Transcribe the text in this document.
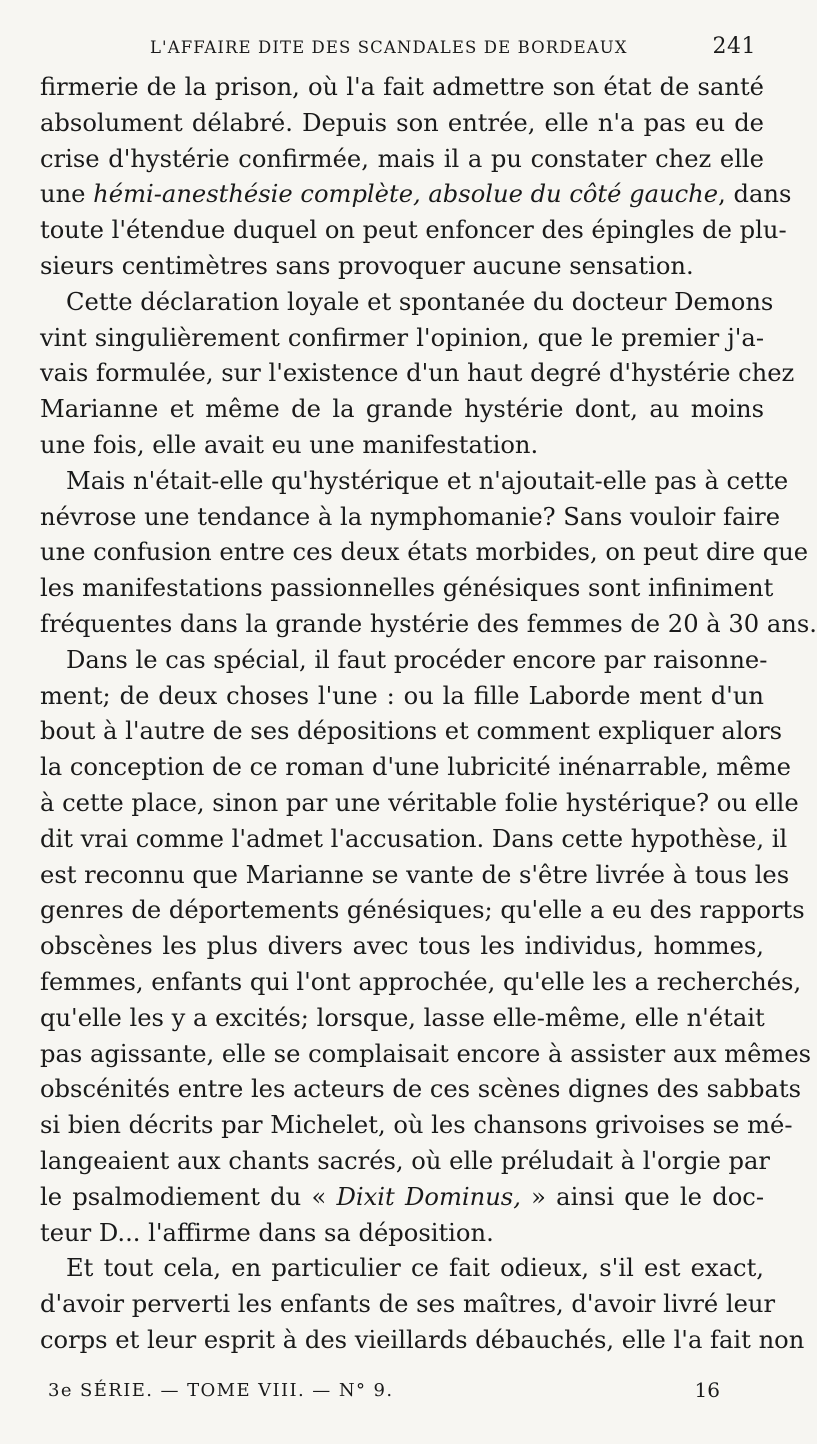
L'AFFAIRE DITE DES SCANDALES DE BORDEAUX	241
firmerie de la prison, où l'a fait admettre son état de santé
absolument délabré. Depuis son entrée, elle n'a pas eu de
crise d'hystérie confirmée, mais il a pu constater chez elle
une hémi-anesthésie complète, absolue du côté gauche, dans
toute l'étendue duquel on peut enfoncer des épingles de plu-
sieurs centimètres sans provoquer aucune sensation.
Cette déclaration loyale et spontanée du docteur Demons
vint singulièrement confirmer l'opinion, que le premier j'a-
vais formulée, sur l'existence d'un haut degré d'hystérie chez
Marianne et même de la grande hystérie dont, au moins
une fois, elle avait eu une manifestation.
Mais n'était-elle qu'hystérique et n'ajoutait-elle pas à cette
névrose une tendance à la nymphomanie? Sans vouloir faire
une confusion entre ces deux états morbides, on peut dire que
les manifestations passionnelles génésiques sont infiniment
fréquentes dans la grande hystérie des femmes de 20 à 30 ans.
Dans le cas spécial, il faut procéder encore par raisonne-
ment; de deux choses l'une : ou la fille Laborde ment d'un
bout à l'autre de ses dépositions et comment expliquer alors
la conception de ce roman d'une lubricité inénarrable, même
à cette place, sinon par une véritable folie hystérique? ou elle
dit vrai comme l'admet l'accusation. Dans cette hypothèse, il
est reconnu que Marianne se vante de s'être livrée à tous les
genres de déportements génésiques; qu'elle a eu des rapports
obscènes les plus divers avec tous les individus, hommes,
femmes, enfants qui l'ont approchée, qu'elle les a recherchés,
qu'elle les y a excités; lorsque, lasse elle-même, elle n'était
pas agissante, elle se complaisait encore à assister aux mêmes
obscénités entre les acteurs de ces scènes dignes des sabbats
si bien décrits par Michelet, où les chansons grivoises se mé-
langeaient aux chants sacrés, où elle préludait à l'orgie par
le psalmodiement du « Dixit Dominus, » ainsi que le doc-
teur D... l'affirme dans sa déposition.
Et tout cela, en particulier ce fait odieux, s'il est exact,
d'avoir perverti les enfants de ses maîtres, d'avoir livré leur
corps et leur esprit à des vieillards débauchés, elle l'a fait non
3e SÉRIE. — TOME VIII. — N° 9.	16
